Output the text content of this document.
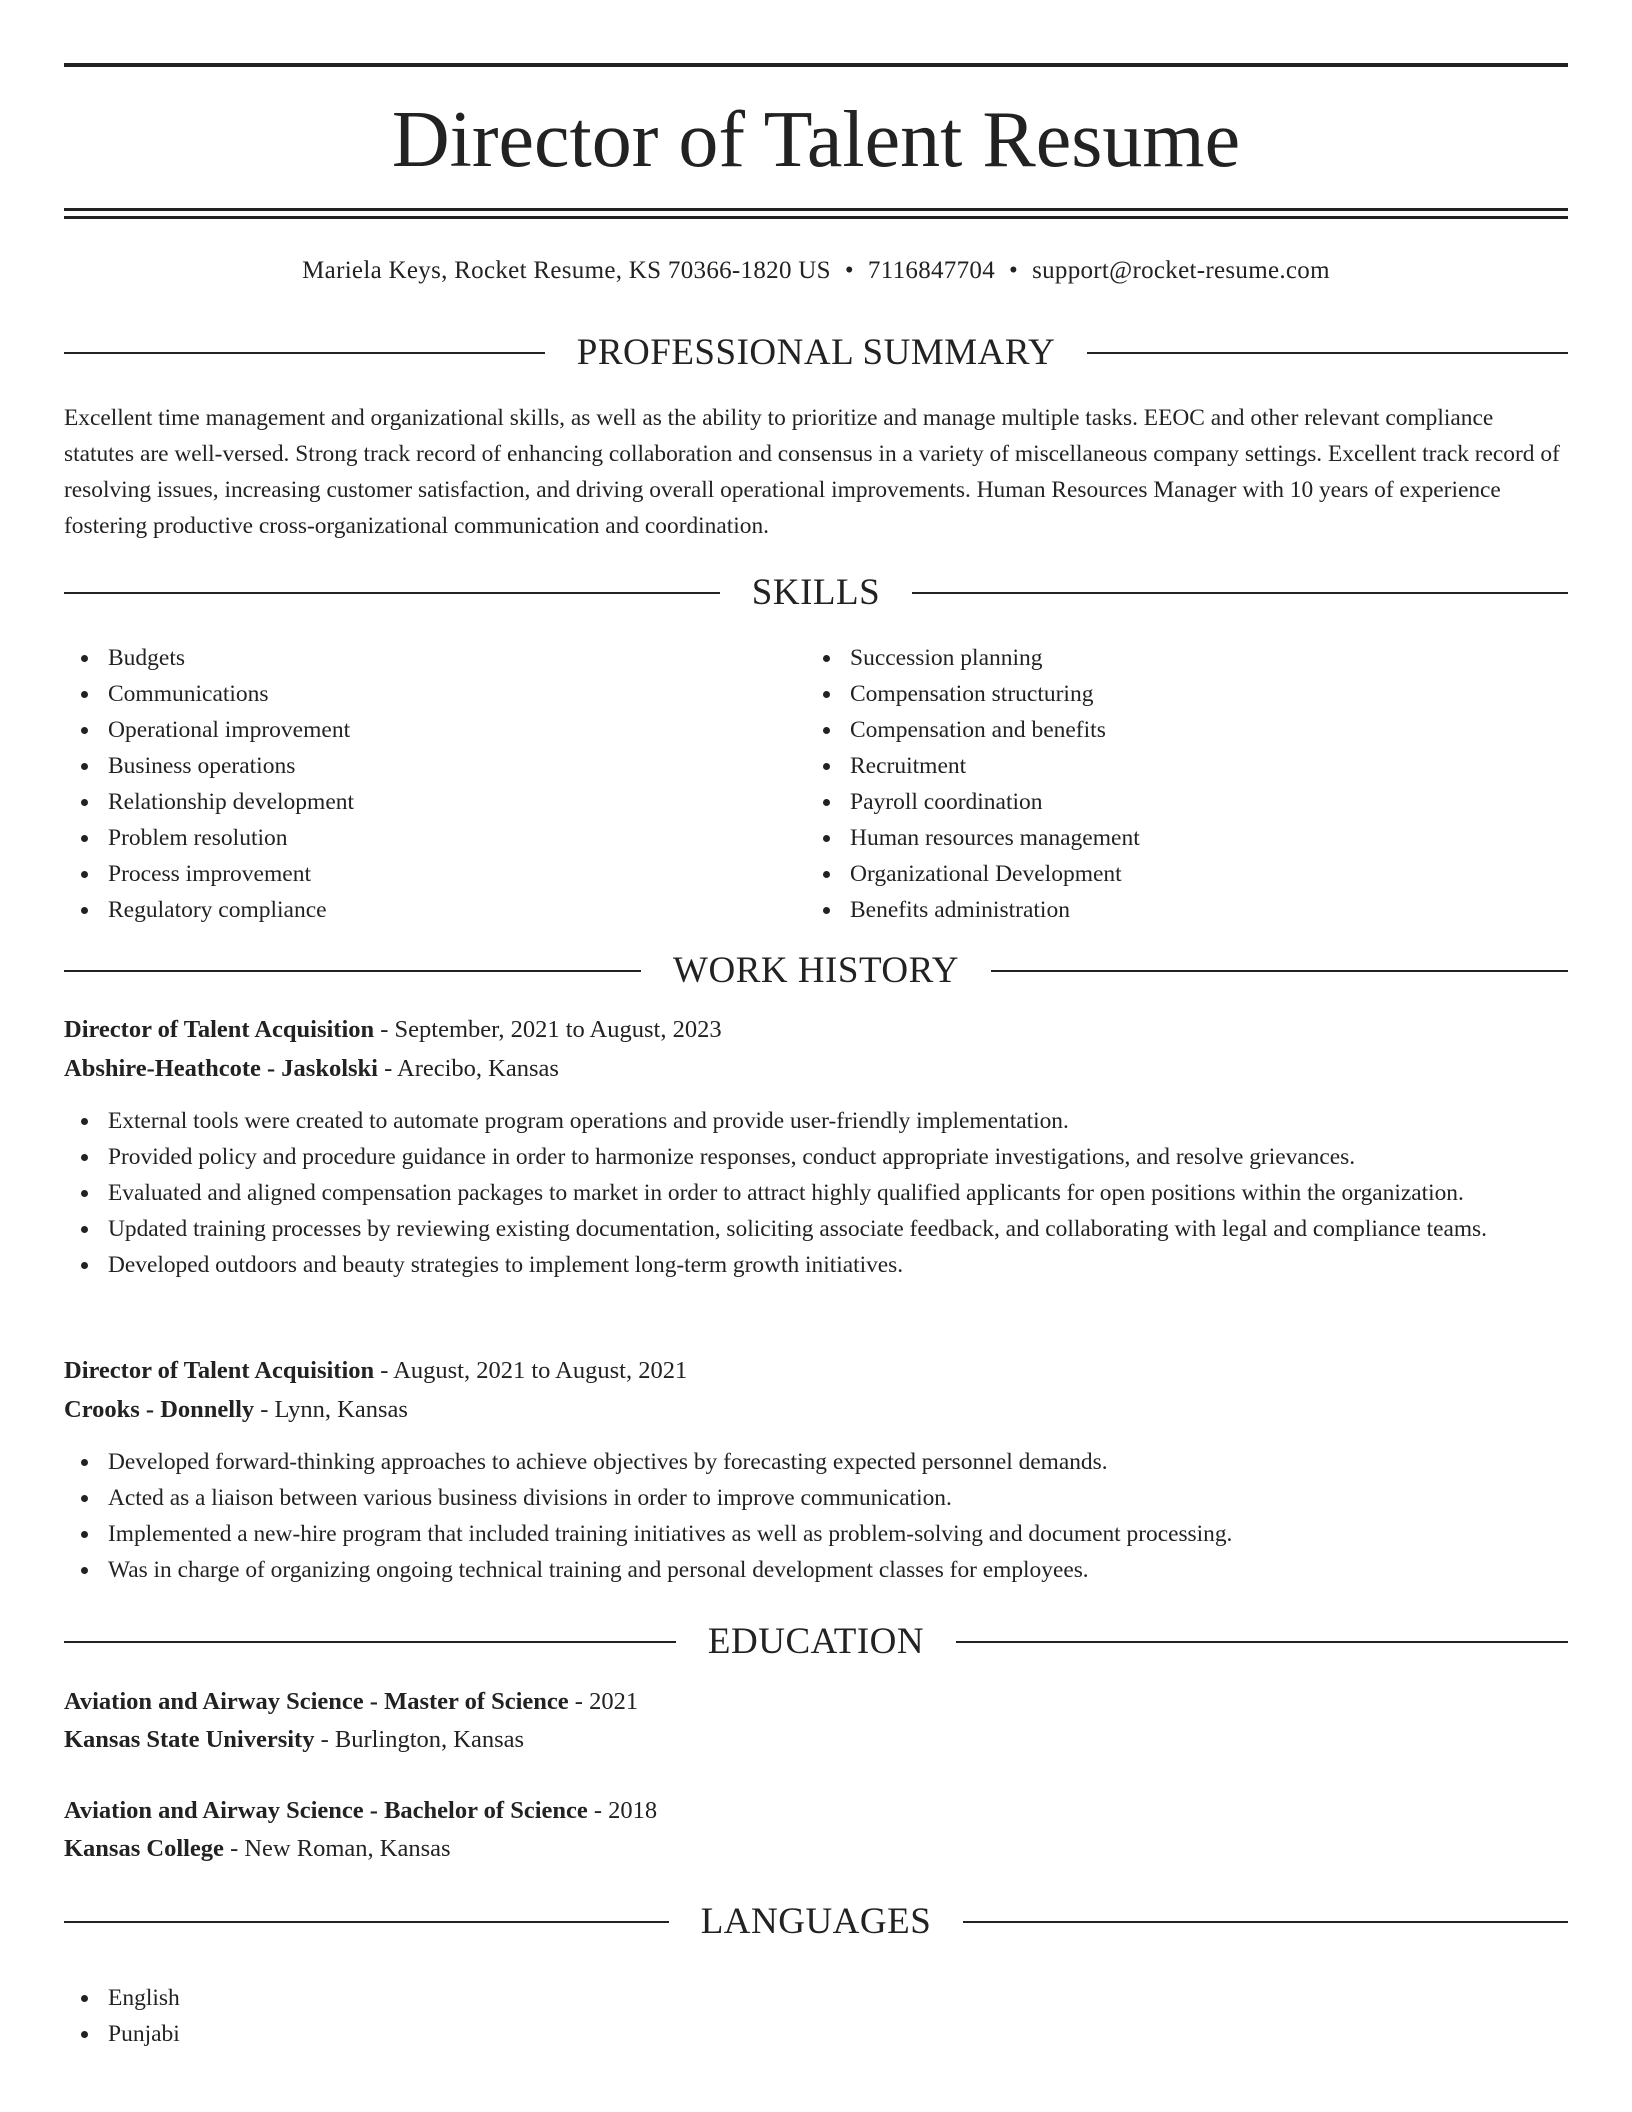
Director of Talent Resume
Mariela Keys, Rocket Resume, KS 70366-1820 US • 7116847704 • support@rocket-resume.com
PROFESSIONAL SUMMARY

Excellent time management and organizational skills, as well as the ability to prioritize and manage multiple tasks. EEOC and other relevant compliance statutes are well-versed. Strong track record of enhancing collaboration and consensus in a variety of miscellaneous company settings. Excellent track record of resolving issues, increasing customer satisfaction, and driving overall operational improvements. Human Resources Manager with 10 years of experience fostering productive cross-organizational communication and coordination.

SKILLS
Budgets
Communications
Operational improvement
Business operations
Relationship development
Problem resolution
Process improvement
Regulatory compliance
Succession planning
Compensation structuring
Compensation and benefits
Recruitment
Payroll coordination
Human resources management
Organizational Development
Benefits administration
WORK HISTORY
Director of Talent Acquisition - September, 2021 to August, 2023
Abshire-Heathcote - Jaskolski - Arecibo, Kansas
External tools were created to automate program operations and provide user-friendly implementation.
Provided policy and procedure guidance in order to harmonize responses, conduct appropriate investigations, and resolve grievances.
Evaluated and aligned compensation packages to market in order to attract highly qualified applicants for open positions within the organization.
Updated training processes by reviewing existing documentation, soliciting associate feedback, and collaborating with legal and compliance teams.
Developed outdoors and beauty strategies to implement long-term growth initiatives.
Director of Talent Acquisition - August, 2021 to August, 2021
Crooks - Donnelly - Lynn, Kansas
Developed forward-thinking approaches to achieve objectives by forecasting expected personnel demands.
Acted as a liaison between various business divisions in order to improve communication.
Implemented a new-hire program that included training initiatives as well as problem-solving and document processing.
Was in charge of organizing ongoing technical training and personal development classes for employees.
EDUCATION
Aviation and Airway Science - Master of Science - 2021
Kansas State University - Burlington, Kansas
Aviation and Airway Science - Bachelor of Science - 2018
Kansas College - New Roman, Kansas
LANGUAGES
English
Punjabi
